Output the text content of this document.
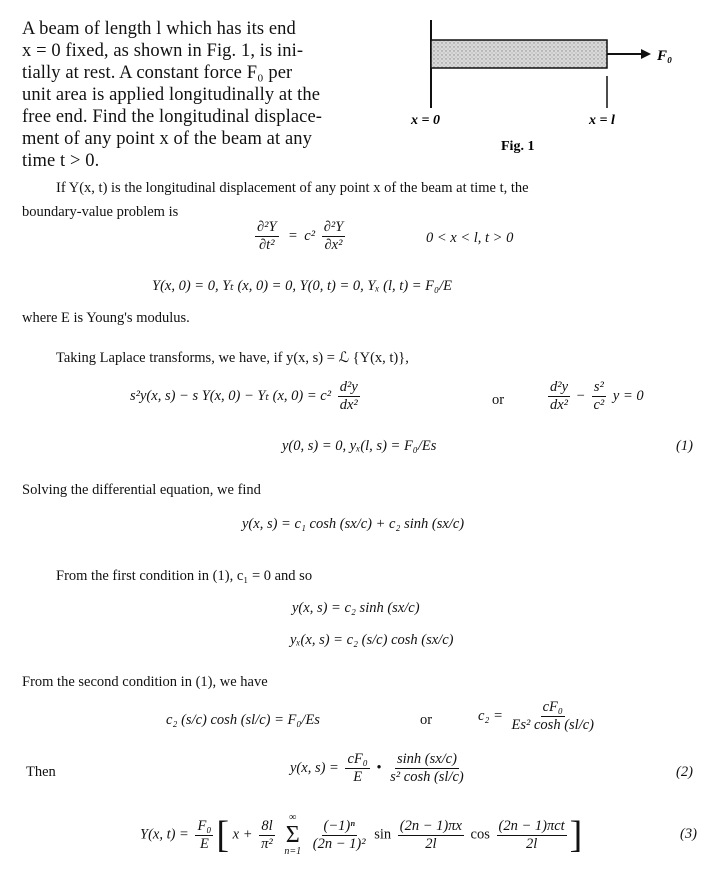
A beam of length l which has its end
x = 0 fixed, as shown in Fig. 1, is ini-
tially at rest. A constant force F₀ per
unit area is applied longitudinally at the
free end. Find the longitudinal displace-
ment of any point x of the beam at any
time t > 0.
F₀
x = 0	x = l
Fig. 1
If Y(x, t) is the longitudinal displacement of any point x of the beam at time t, the
boundary-value problem is
$\frac{\text{∂²Y}}{\text{∂t²}} = c^2 \frac{\text{∂²Y}}{\text{∂x²}}$	0 < x < l, t > 0
Y(x, 0) = 0, Yₜ (x, 0) = 0, Y(0, t) = 0, Yₓ (l, t) = F₀/E
where E is Young's modulus.
Taking Laplace transforms, we have, if y(x, s) = ℒ {Y(x, t)},
s²y(x, s) − s Y(x, 0) − Yₜ (x, $0) = c^2 \frac{\text{d²y}}{\text{dx²}}$	or	$\frac{\text{d²y}}{\text{dx²}} - \frac{\text{s²}}{\text{c²}}$ y = 0
y(0, s) = 0, yₓ(l, s) = F₀/Es	(1)
Solving the differential equation, we find
y(x, s) = c₁ cosh (sx/c) + c₂ sinh (sx/c)
From the first condition in (1), c₁ = 0 and so
y(x, s) = c₂ sinh (sx/c)
yₓ(x, s) = c₂ (s/c) cosh (sx/c)
From the second condition in (1), we have
c₂ (s/c) cosh (sl/c) = F₀/Es	or	$c_2 = \frac{\text{cF₀}}{\text{Es² cosh (sl/c)}}$
Then	y(x, $s) = \frac{\text{cF₀}}{E}$ • $\frac{\sinh (sx/c)}{\text{s² cosh (sl/c)}}$	(2)
Y(x, $t) = \frac{\text{F₀}}{E}$ [ $x + \frac{8l}{\text{π²}}$

∞
Σ
n=1
$\frac{\text{(−1)ⁿ}}{\text{(2n − 1)²}}$ $\sin \frac{(2n - 1)\pi x}{2l}$ $\cos \frac{\text{(2n − 1)πct}}{2l}$ ]	(3)
